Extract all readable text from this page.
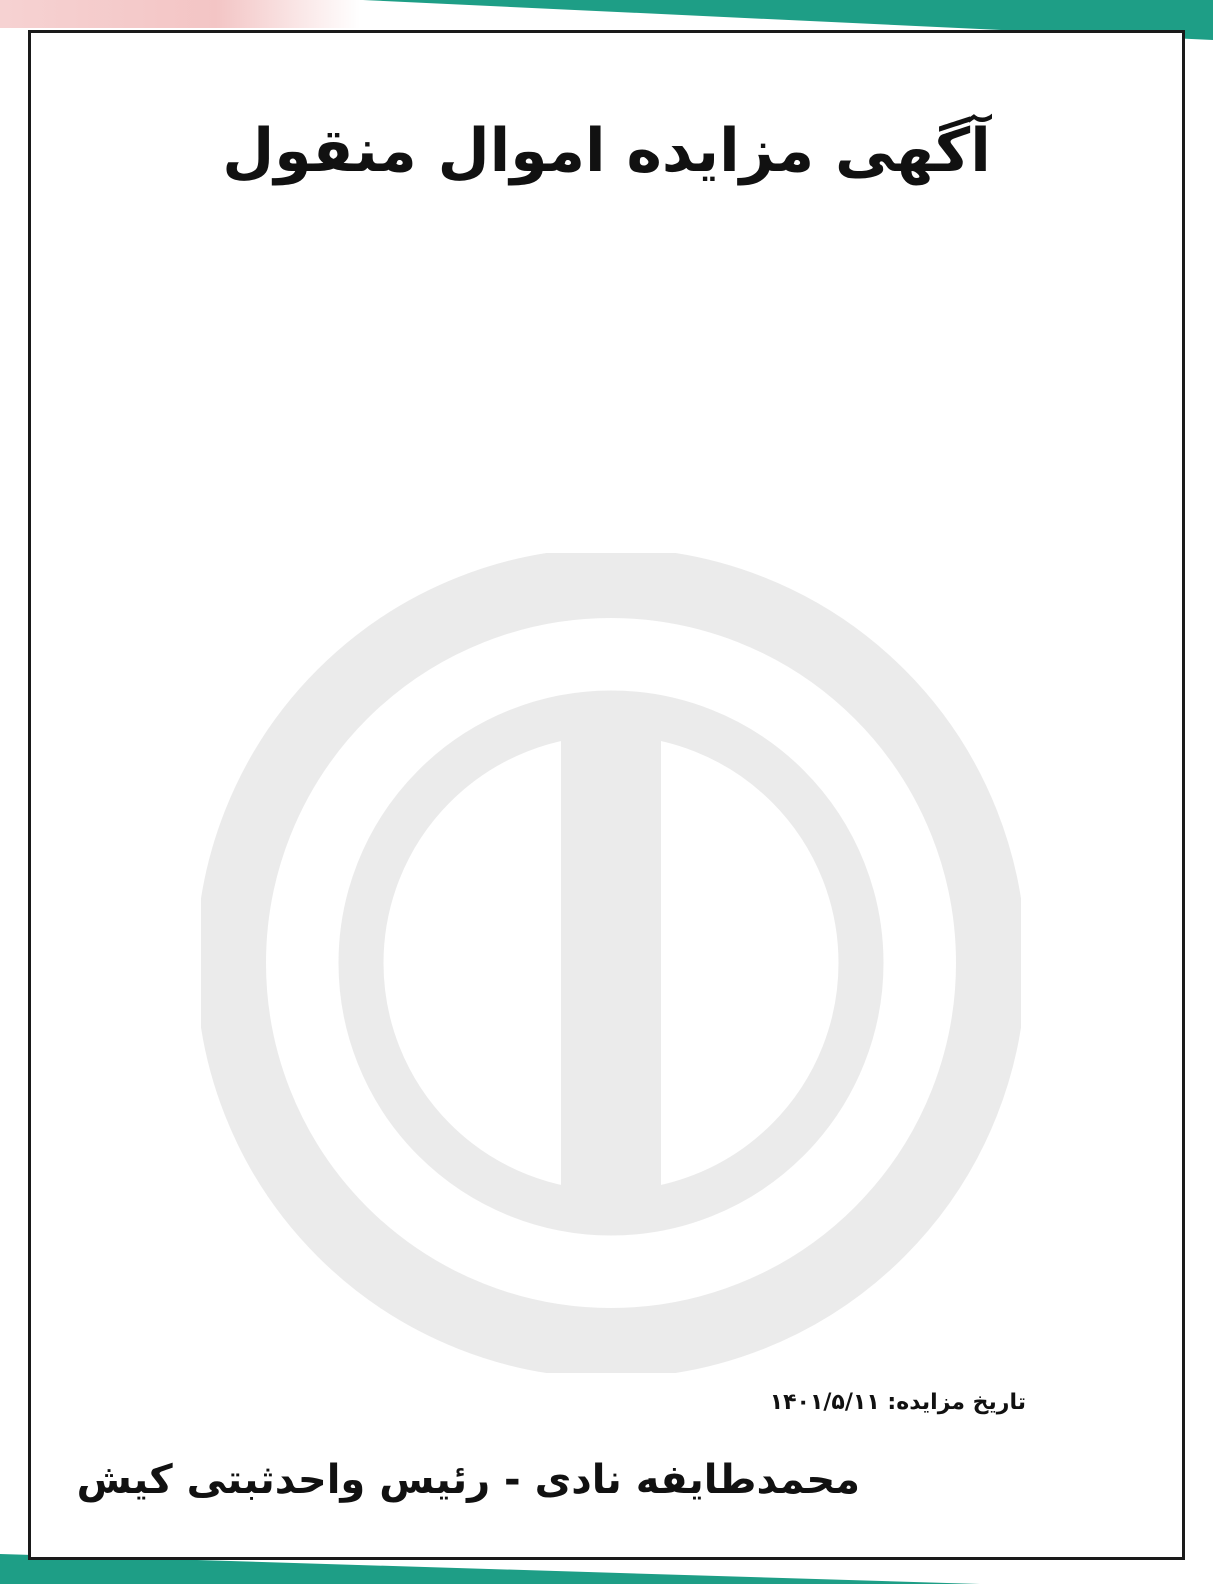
آگهی مزایده اموال منقول
تاریخ مزایده: ۱۴۰۱/۵/۱۱
محمدطایفه نادی - رئیس واحدثبتی کیش
